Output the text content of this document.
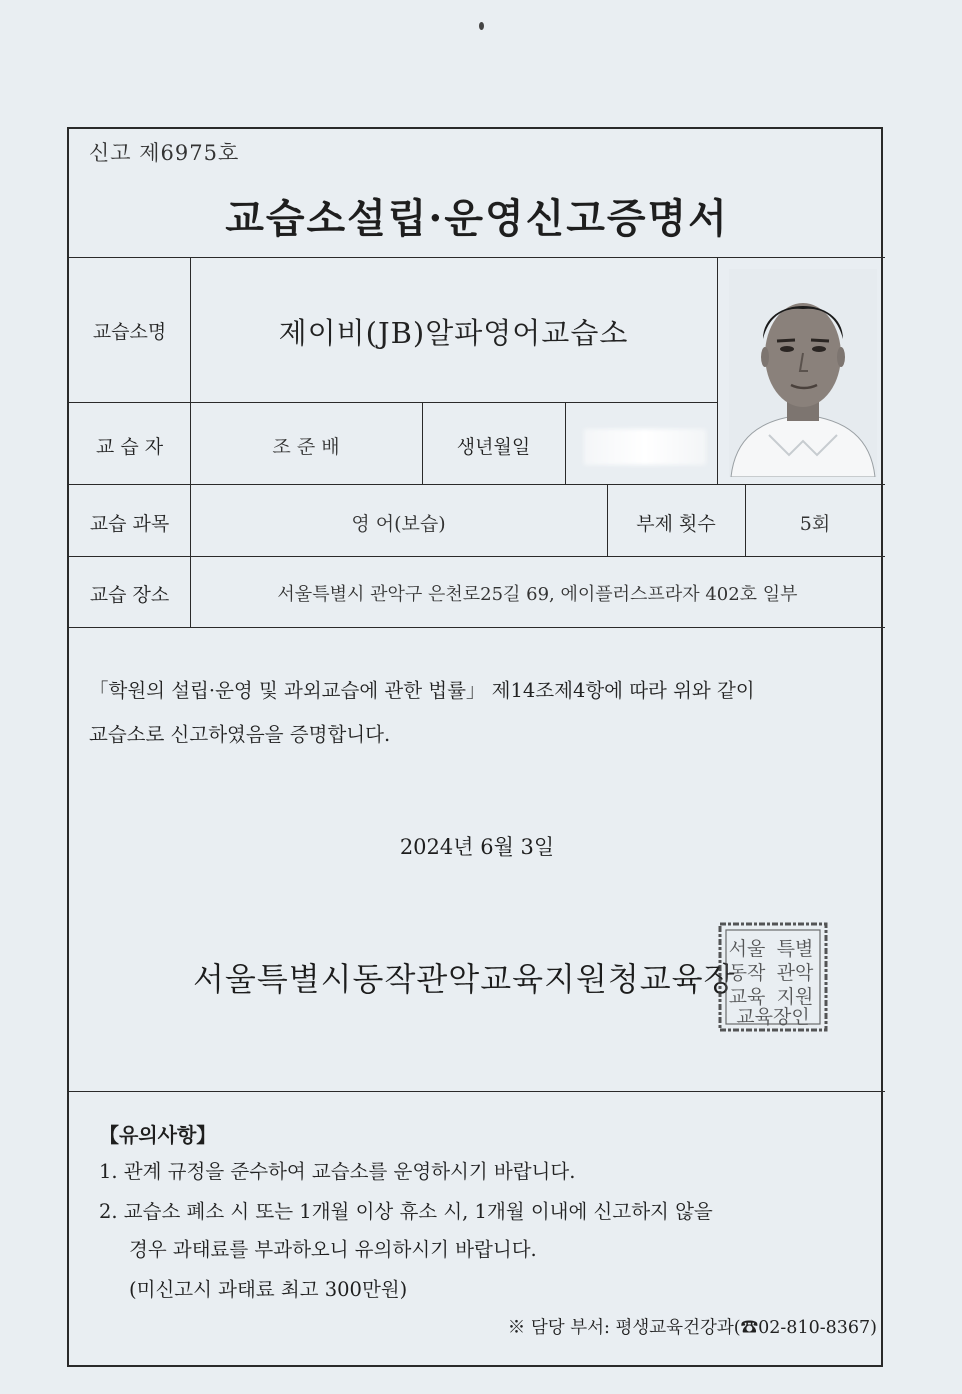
신고 제6975호
교습소설립·운영신고증명서
교습소명	제이비(JB)알파영어교습소
교 습 자	조 준 배	생년월일
교습 과목	영 어(보습)	부제 횟수	5회
교습 장소	서울특별시 관악구 은천로25길 69, 에이플러스프라자 402호 일부
「학원의 설립·운영 및 과외교습에 관한 법률」 제14조제4항에 따라 위와 같이
교습소로 신고하였음을 증명합니다.
2024년 6월 3일
서울특별시동작관악교육지원청교육장
서울 특별
동작 관악
교육 지원
교육장인
【유의사항】
1. 관계 규정을 준수하여 교습소를 운영하시기 바랍니다.
2. 교습소 폐소 시 또는 1개월 이상 휴소 시, 1개월 이내에 신고하지 않을
경우 과태료를 부과하오니 유의하시기 바랍니다.
(미신고시 과태료 최고 300만원)
※ 담당 부서: 평생교육건강과(☎02-810-8367)
